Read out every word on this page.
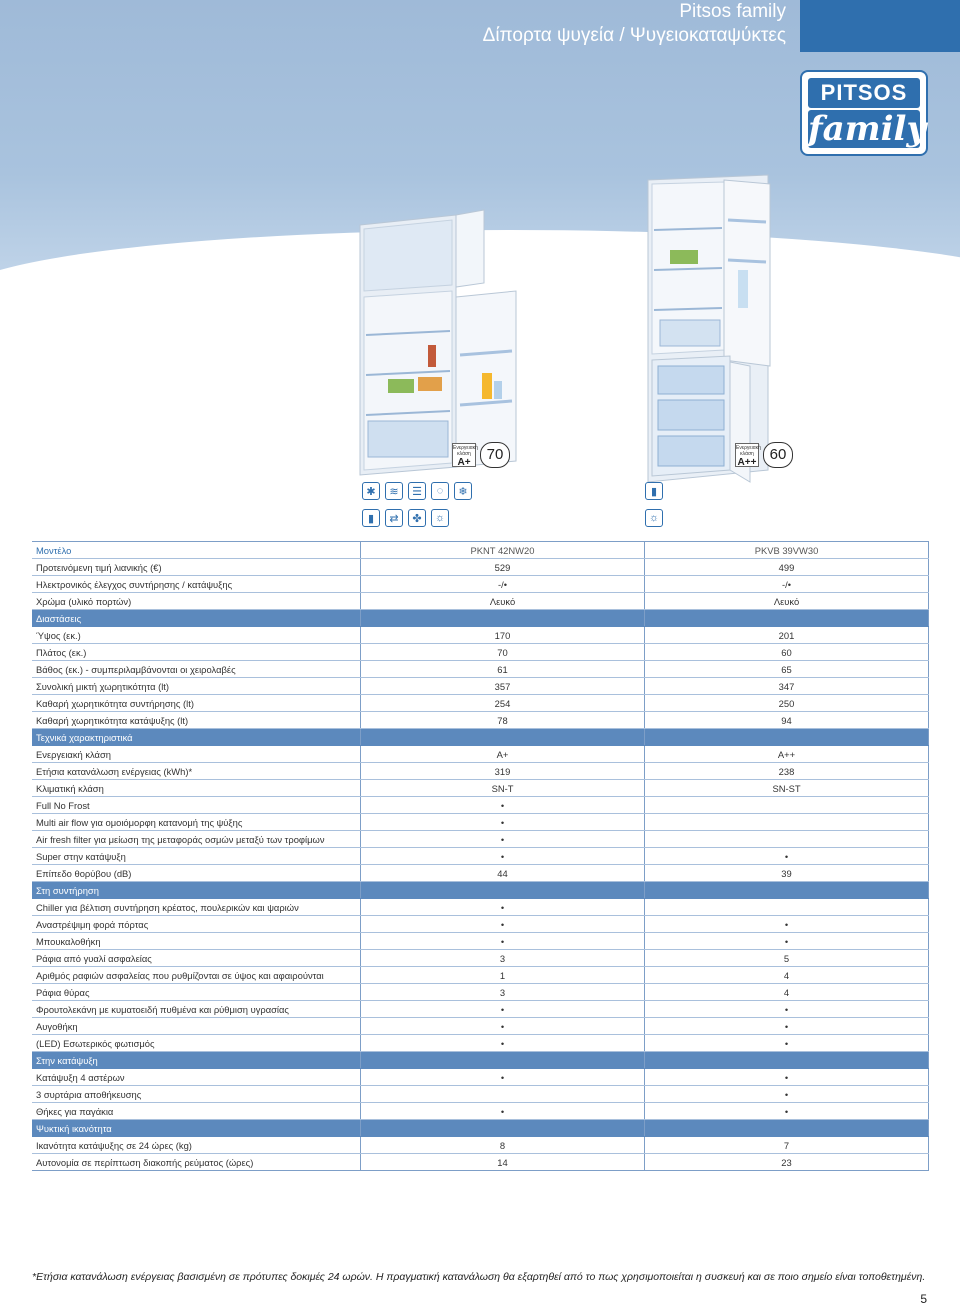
Pitsos family
Δίπορτα ψυγεία / Ψυγειοκαταψύκτες
PITSOS
family
Ενεργειακή κλάση
A+	70	Ενεργειακή κλάση
A++ 60
✱	≋	☰	◌	❄
▮	⇄	✤	☼
▮
☼
Μοντέλο	PKNT 42NW20	PKVB 39VW30
Προτεινόμενη τιμή λιανικής (€)	529	499
Ηλεκτρονικός έλεγχος συντήρησης / κατάψυξης	-/•	-/•
Χρώμα (υλικό πορτών)	Λευκό	Λευκό
Διαστάσεις		
Ύψος (εκ.)	170	201
Πλάτος (εκ.)	70	60
Βάθος (εκ.) - συμπεριλαμβάνονται οι χειρολαβές	61	65
Συνολική μικτή χωρητικότητα (lt)	357	347
Καθαρή χωρητικότητα συντήρησης (lt)	254	250
Καθαρή χωρητικότητα κατάψυξης (lt)	78	94
Τεχνικά χαρακτηριστικά		
Ενεργειακή κλάση	A+	A++
Ετήσια κατανάλωση ενέργειας (kWh)*	319	238
Κλιματική κλάση	SN-T	SN-ST
Full No Frost	•	
Multi air flow για ομοιόμορφη κατανομή της ψύξης	•	
Air fresh filter για μείωση της μεταφοράς οσμών μεταξύ των τροφίμων	•	
Super στην κατάψυξη	•	•
Επίπεδο θορύβου (dB)	44	39
Στη συντήρηση		
Chiller για βέλτιση συντήρηση κρέατος, πουλερικών και ψαριών	•	
Αναστρέψιμη φορά πόρτας	•	•
Μπουκαλοθήκη	•	•
Ράφια από γυαλί ασφαλείας	3	5
Αριθμός ραφιών ασφαλείας που ρυθμίζονται σε ύψος και αφαιρούνται	1	4
Ράφια θύρας	3	4
Φρουτολεκάνη με κυματοειδή πυθμένα και ρύθμιση υγρασίας	•	•
Αυγοθήκη	•	•
(LED) Εσωτερικός φωτισμός	•	•
Στην κατάψυξη		
Κατάψυξη 4 αστέρων	•	•
3 συρτάρια αποθήκευσης		•
Θήκες για παγάκια	•	•
Ψυκτική ικανότητα		
Ικανότητα κατάψυξης σε 24 ώρες (kg)	8	7
Αυτονομία σε περίπτωση διακοπής ρεύματος (ώρες)	14	23
*Ετήσια κατανάλωση ενέργειας βασισμένη σε πρότυπες δοκιμές 24 ωρών. Η πραγματική κατανάλωση θα εξαρτηθεί από το πως χρησιμοποιείται η συσκευή και σε ποιο σημείο είναι τοποθετημένη.
5
